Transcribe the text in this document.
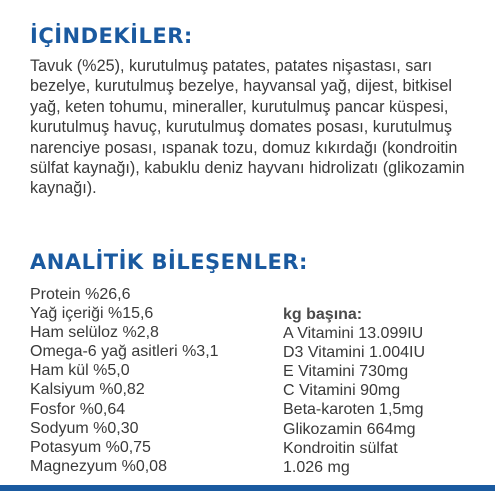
İÇİNDEKİLER:

Tavuk (%25), kurutulmuş patates, patates nişastası, sarı bezelye, kurutulmuş bezelye, hayvansal yağ, dijest, bitkisel yağ, keten tohumu, mineraller, kurutulmuş pancar küspesi, kurutulmuş havuç, kurutulmuş domates posası, kurutulmuş narenciye posası, ıspanak tozu, domuz kıkırdağı (kondroitin sülfat kaynağı), kabuklu deniz hayvanı hidrolizatı (glikozamin kaynağı).

ANALİTİK BİLEŞENLER:
Protein %26,6
Yağ içeriği %15,6
Ham selüloz %2,8
Omega-6 yağ asitleri %3,1
Ham kül %5,0
Kalsiyum %0,82
Fosfor %0,64
Sodyum %0,30
Potasyum %0,75
Magnezyum %0,08
kg başına:
A Vitamini 13.099IU
D3 Vitamini 1.004IU
E Vitamini 730mg
C Vitamini 90mg
Beta-karoten 1,5mg
Glikozamin 664mg
Kondroitin sülfat
1.026 mg
